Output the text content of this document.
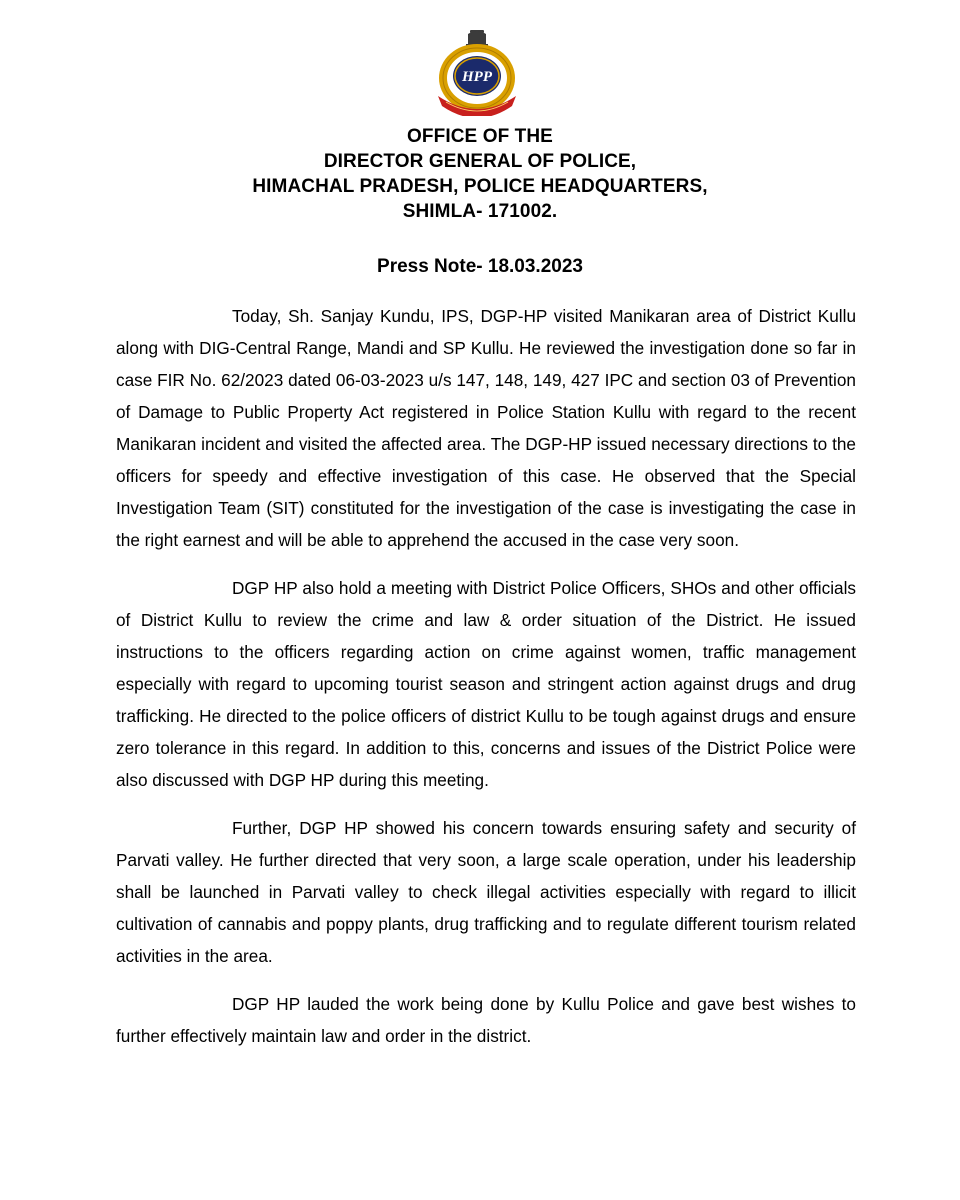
HPP
OFFICE OF THE
DIRECTOR GENERAL OF POLICE,
HIMACHAL PRADESH, POLICE HEADQUARTERS,
SHIMLA- 171002.
Press Note- 18.03.2023

Today, Sh. Sanjay Kundu, IPS, DGP-HP visited Manikaran area of District Kullu along with DIG-Central Range, Mandi and SP Kullu. He reviewed the investigation done so far in case FIR No. 62/2023 dated 06-03-2023 u/s 147, 148, 149, 427 IPC and section 03 of Prevention of Damage to Public Property Act registered in Police Station Kullu with regard to the recent Manikaran incident and visited the affected area. The DGP-HP issued necessary directions to the officers for speedy and effective investigation of this case. He observed that the Special Investigation Team (SIT) constituted for the investigation of the case is investigating the case in the right earnest and will be able to apprehend the accused in the case very soon.

DGP HP also hold a meeting with District Police Officers, SHOs and other officials of District Kullu to review the crime and law & order situation of the District. He issued instructions to the officers regarding action on crime against women, traffic management especially with regard to upcoming tourist season and stringent action against drugs and drug trafficking. He directed to the police officers of district Kullu to be tough against drugs and ensure zero tolerance in this regard. In addition to this, concerns and issues of the District Police were also discussed with DGP HP during this meeting.

Further, DGP HP showed his concern towards ensuring safety and security of Parvati valley. He further directed that very soon, a large scale operation, under his leadership shall be launched in Parvati valley to check illegal activities especially with regard to illicit cultivation of cannabis and poppy plants, drug trafficking and to regulate different tourism related activities in the area.

DGP HP lauded the work being done by Kullu Police and gave best wishes to further effectively maintain law and order in the district.
